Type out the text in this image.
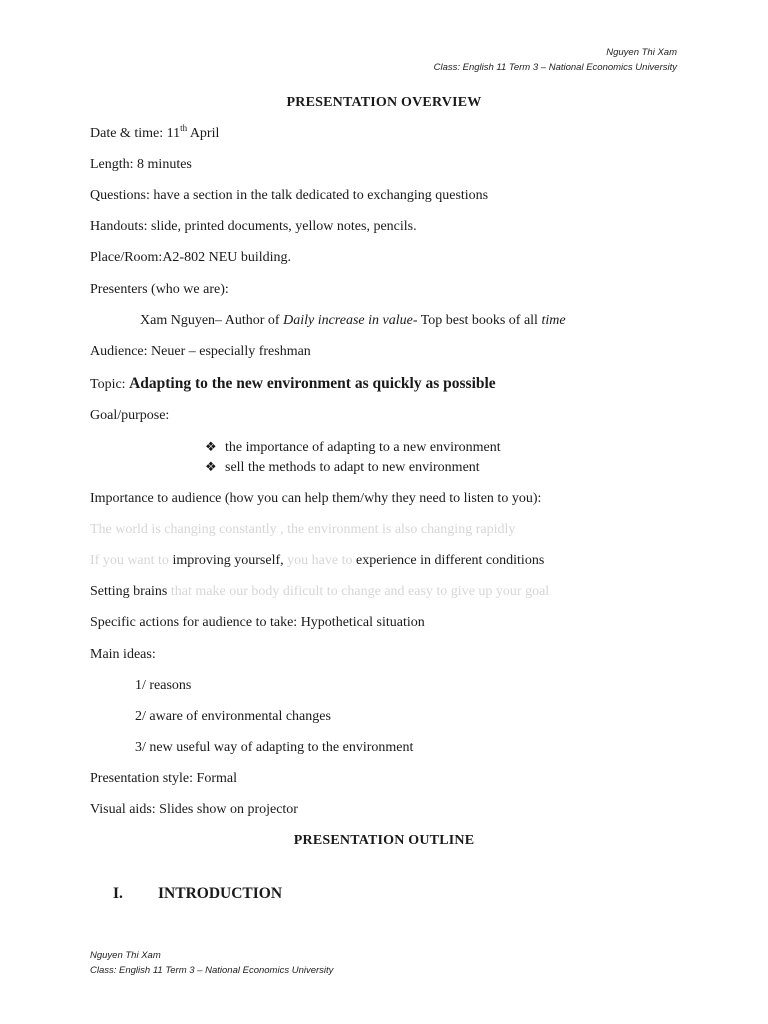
Nguyen Thi Xam
Class: English 11 Term 3 – National Economics University
PRESENTATION OVERVIEW
Date & time: 11th April
Length: 8 minutes
Questions: have a section in the talk dedicated to exchanging questions
Handouts: slide, printed documents, yellow notes, pencils.
Place/Room:A2-802 NEU building.
Presenters (who we are):
Xam Nguyen– Author of Daily increase in value- Top best books of all time
Audience: Neuer – especially freshman
Topic: Adapting to the new environment as quickly as possible
Goal/purpose:
❖ the importance of adapting to a new environment
❖ sell the methods to adapt to new environment
Importance to audience (how you can help them/why they need to listen to you):
The world is changing constantly , the environment is also changing rapidly
If you want to improving yourself, you have to experience in different conditions
Setting brains that make our body dificult to change and easy to give up your goal
Specific actions for audience to take: Hypothetical situation
Main ideas:
1/ reasons
2/ aware of environmental changes
3/ new useful way of adapting to the environment
Presentation style: Formal
Visual aids: Slides show on projector
PRESENTATION OUTLINE
I. INTRODUCTION
Nguyen Thi Xam
Class: English 11 Term 3 – National Economics University
